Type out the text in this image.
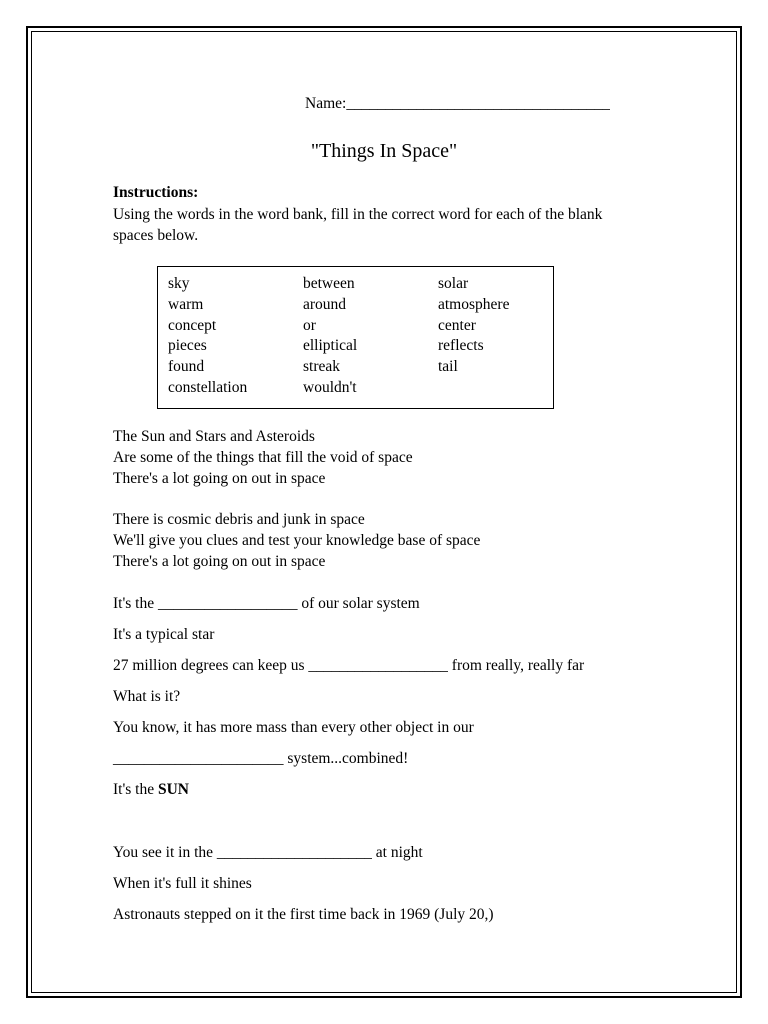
Name:__________________________________
"Things In Space"
Instructions:
Using the words in the word bank, fill in the correct word for each of the blank spaces below.
sky
warm
concept
pieces
found
constellation
between
around
or
elliptical
streak
wouldn't
solar
atmosphere
center
reflects
tail
The Sun and Stars and Asteroids
Are some of the things that fill the void of space
There's a lot going on out in space
There is cosmic debris and junk in space
We'll give you clues and test your knowledge base of space
There's a lot going on out in space
It's the __________________ of our solar system
It's a typical star
27 million degrees can keep us __________________ from really, really far
What is it?
You know, it has more mass than every other object in our
______________________ system...combined!
It's the SUN
You see it in the ____________________ at night
When it's full it shines
Astronauts stepped on it the first time back in 1969 (July 20,)
